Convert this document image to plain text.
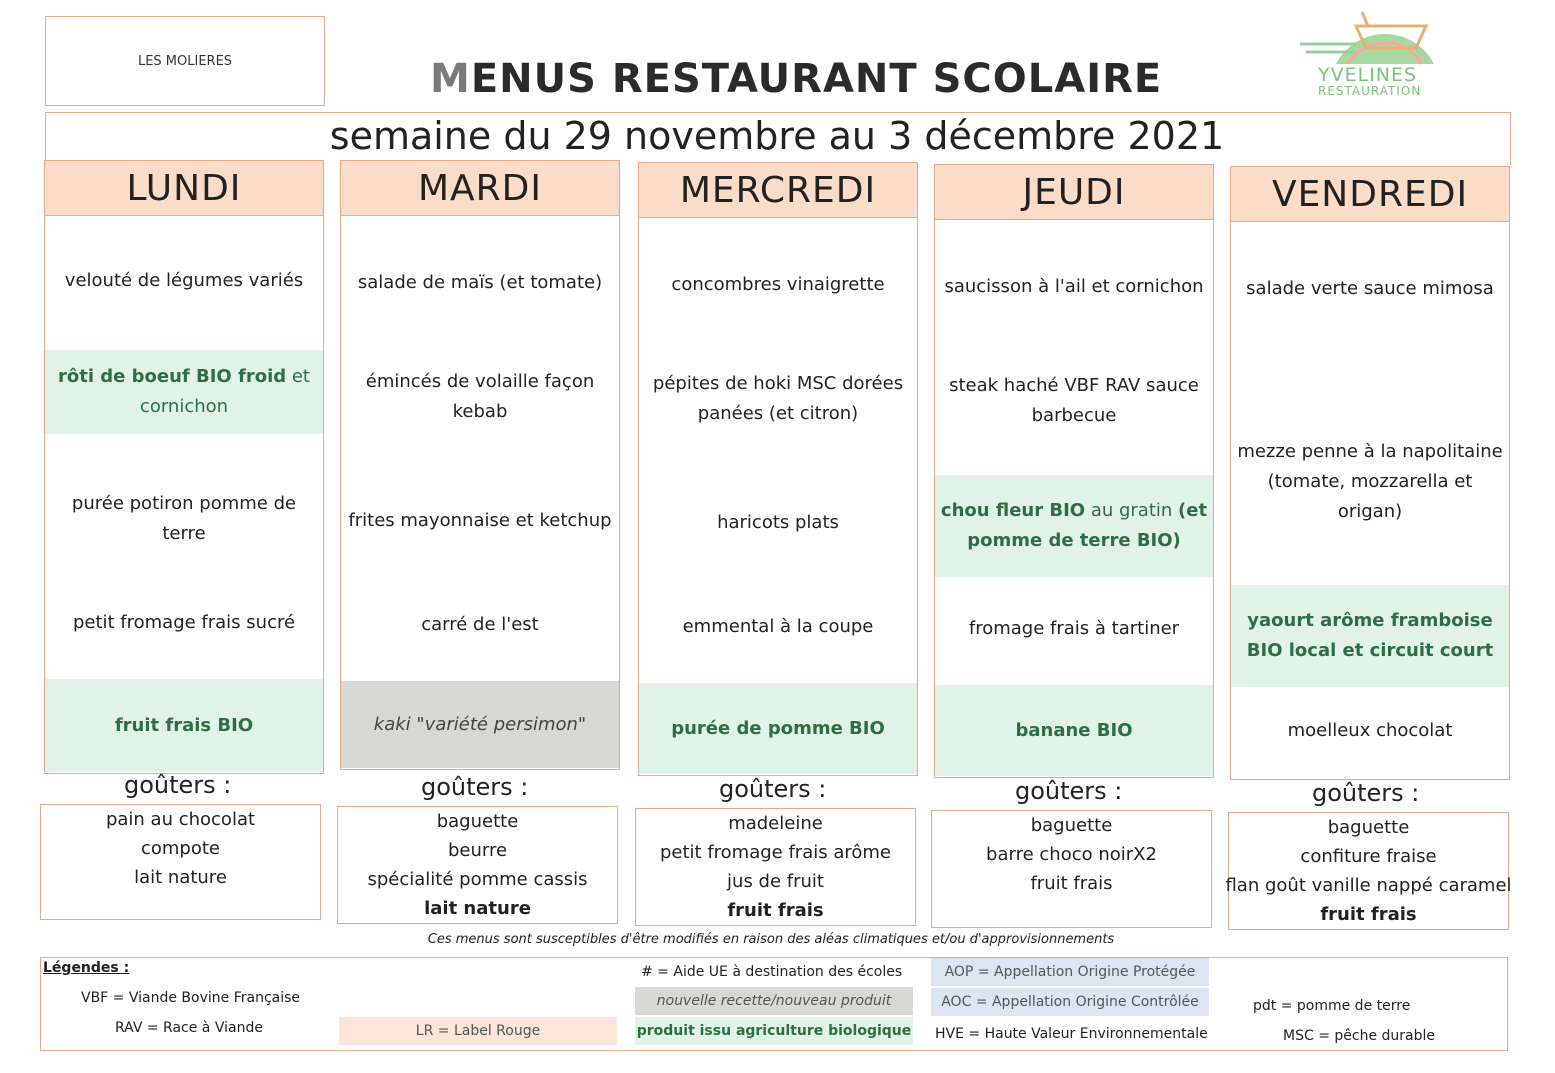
LES MOLIERES	MENUS RESTAURANT SCOLAIRE	YVELINES
RESTAURATION
semaine du 29 novembre au 3 décembre 2021
LUNDI
velouté de légumes variés
rôti de boeuf BIO froid et
cornichon
purée potiron pomme de terre
petit fromage frais sucré
fruit frais BIO
goûters :
pain au chocolat
compote
lait nature
MARDI
salade de maïs (et tomate)
émincés de volaille façon kebab
frites mayonnaise et ketchup
carré de l'est
kaki "variété persimon"
goûters :
baguette
beurre
spécialité pomme cassis
lait nature
MERCREDI
concombres vinaigrette
pépites de hoki MSC dorées panées (et citron)
haricots plats
emmental à la coupe
purée de pomme BIO
goûters :
madeleine
petit fromage frais arôme
jus de fruit
fruit frais
JEUDI
saucisson à l'ail et cornichon
steak haché VBF RAV sauce barbecue
chou fleur BIO au gratin (et
pomme de terre BIO)
fromage frais à tartiner
banane BIO
goûters :
baguette
barre choco noirX2
fruit frais
VENDREDI
salade verte sauce mimosa
mezze penne à la napolitaine (tomate, mozzarella et origan)
yaourt arôme framboise BIO local et circuit court
moelleux chocolat
goûters :
baguette
confiture fraise
flan goût vanille nappé caramel
fruit frais
Ces menus sont susceptibles d'être modifiés en raison des aléas climatiques et/ou d'approvisionnements
Légendes :
VBF = Viande Bovine Française
RAV = Race à Viande	LR = Label Rouge
# = Aide UE à destination des écoles
nouvelle recette/nouveau produit
produit issu agriculture biologique
AOP = Appellation Origine Protégée
AOC = Appellation Origine Contrôlée
HVE = Haute Valeur Environnementale
pdt = pomme de terre
MSC = pêche durable
